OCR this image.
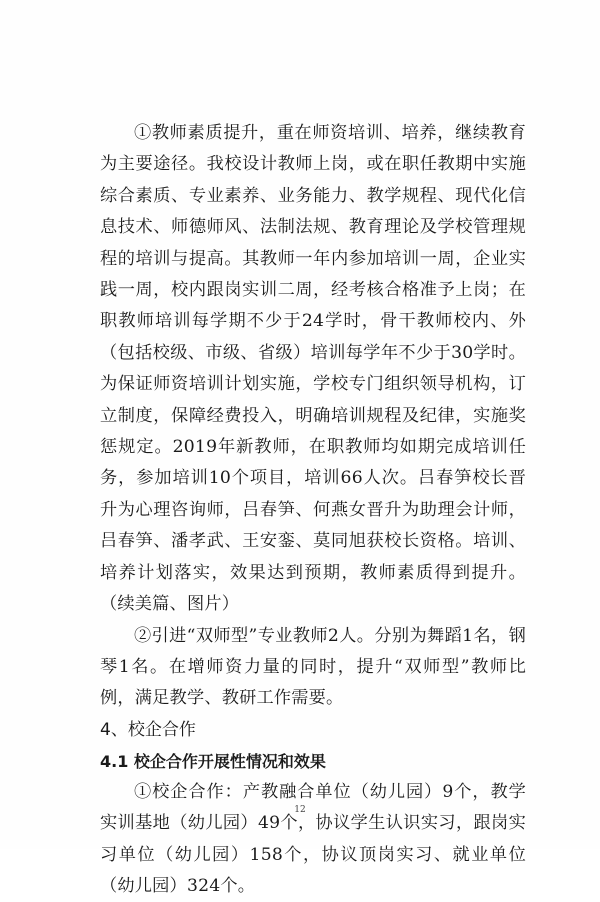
①教师素质提升，重在师资培训、培养，继续教育为主要途径。我校设计教师上岗，或在职任教期中实施综合素质、专业素养、业务能力、教学规程、现代化信息技术、师德师风、法制法规、教育理论及学校管理规程的培训与提高。其教师一年内参加培训一周，企业实践一周，校内跟岗实训二周，经考核合格准予上岗；在职教师培训每学期不少于24学时，骨干教师校内、外（包括校级、市级、省级）培训每学年不少于30学时。为保证师资培训计划实施，学校专门组织领导机构，订立制度，保障经费投入，明确培训规程及纪律，实施奖惩规定。2019年新教师，在职教师均如期完成培训任务，参加培训10个项目，培训66人次。吕春笋校长晋升为心理咨询师，吕春笋、何燕女晋升为助理会计师，吕春笋、潘孝武、王安銮、莫同旭获校长资格。培训、培养计划落实，效果达到预期，教师素质得到提升。（续美篇、图片）

②引进“双师型”专业教师2人。分别为舞蹈1名，钢琴1名。在增师资力量的同时，提升“双师型”教师比例，满足教学、教研工作需要。

4、校企合作

4.1 校企合作开展性情况和效果

①校企合作：产教融合单位（幼儿园）9个，教学实训基地（幼儿园）49个，协议学生认识实习，跟岗实习单位（幼儿园）158个，协议顶岗实习、就业单位（幼儿园）324个。

12
